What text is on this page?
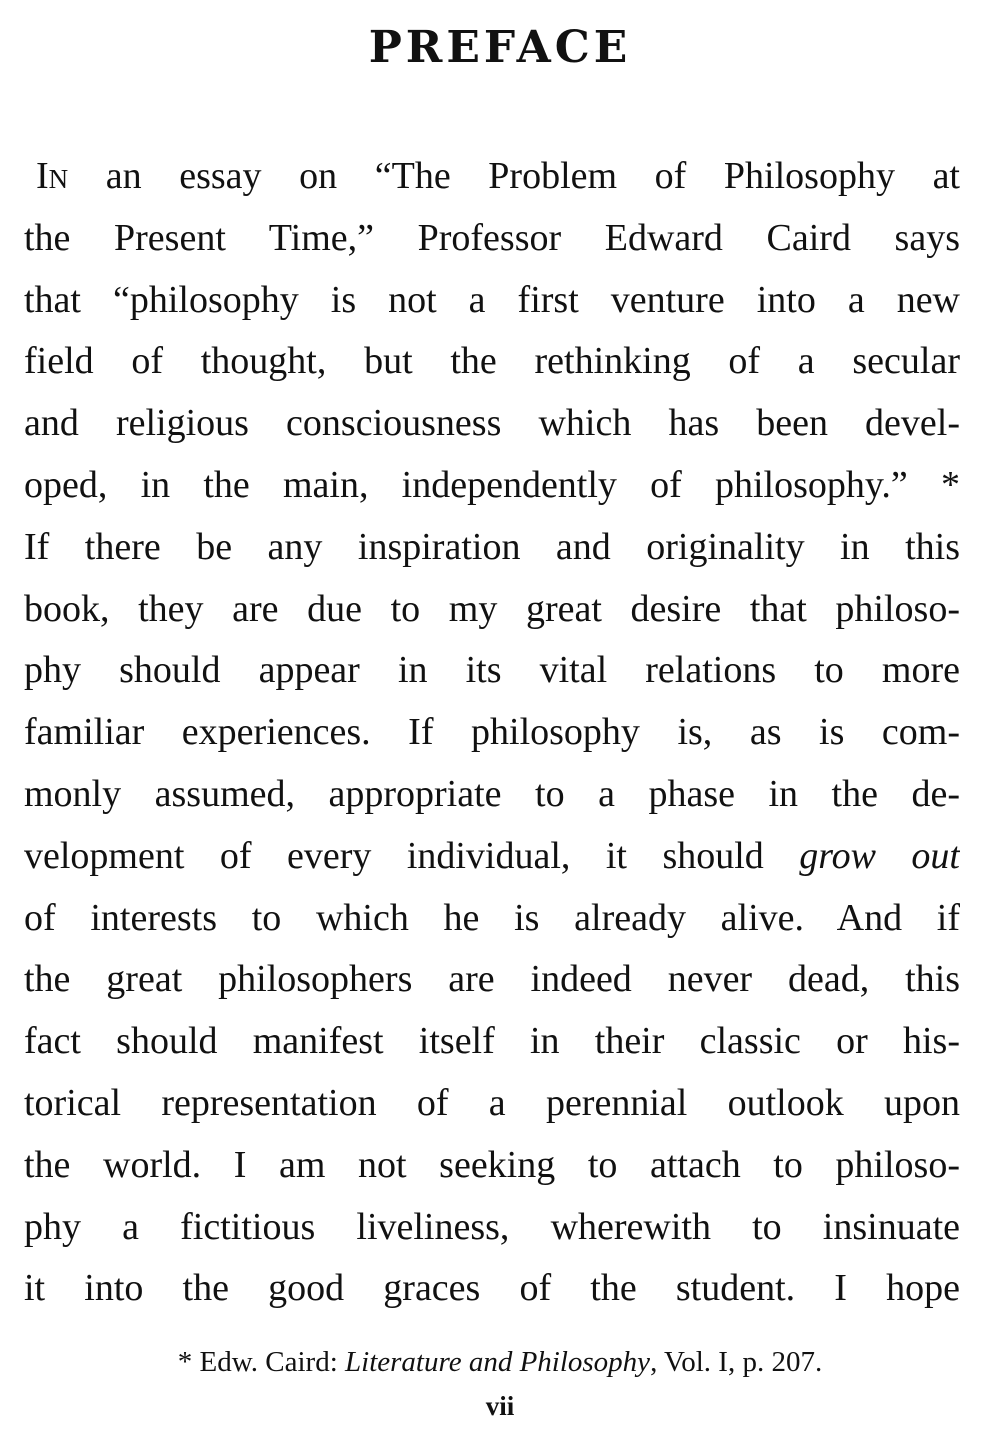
PREFACE
In an essay on “The Problem of Philosophy at
the Present Time,” Professor Edward Caird says
that “philosophy is not a first venture into a new
field of thought, but the rethinking of a secular
and religious consciousness which has been devel-
oped, in the main, independently of philosophy.” *
If there be any inspiration and originality in this
book, they are due to my great desire that philoso-
phy should appear in its vital relations to more
familiar experiences. If philosophy is, as is com-
monly assumed, appropriate to a phase in the de-
velopment of every individual, it should grow out
of interests to which he is already alive. And if
the great philosophers are indeed never dead, this
fact should manifest itself in their classic or his-
torical representation of a perennial outlook upon
the world. I am not seeking to attach to philoso-
phy a fictitious liveliness, wherewith to insinuate
it into the good graces of the student. I hope
* Edw. Caird: Literature and Philosophy, Vol. I, p. 207.
vii
